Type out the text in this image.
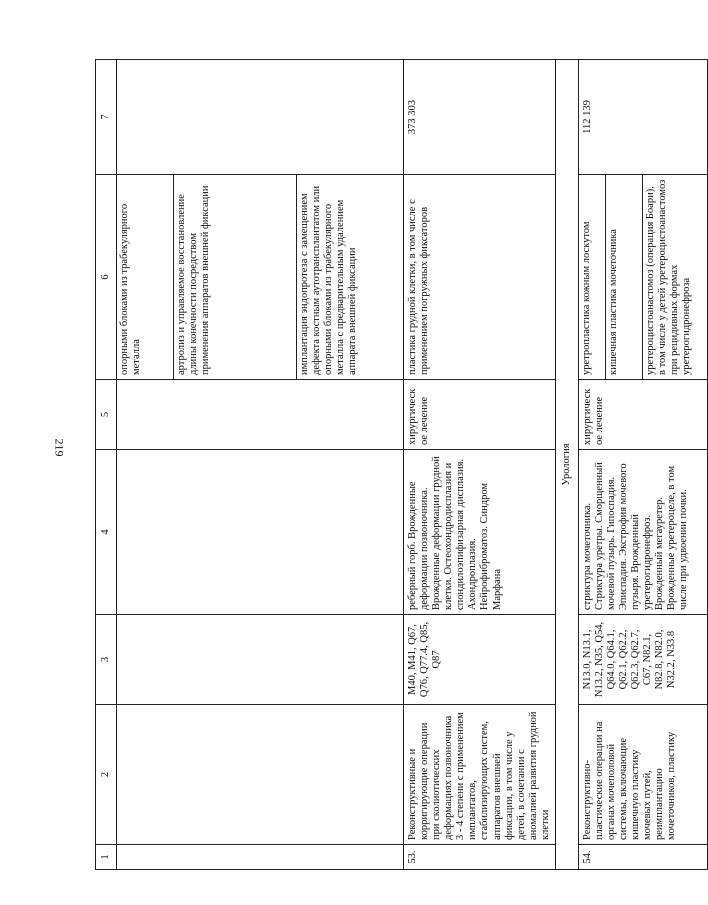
219
1	2	3	4	5	6	7
					опорными блоками из трабекулярного металла	
					артролиз и управляемое восстановление длины конечности посредством применения аппаратов внешней фиксации	
					имплантация эндопротеза с замещением дефекта костным аутотрансплантатом или опорными блоками из трабекулярного металла с предварительным удалением аппарата внешней фиксации	
53.	Реконструктивные и корригирующие операции при сколиотических деформациях позвоночника 3 - 4 степени с применением имплантатов, стабилизирующих систем, аппаратов внешней фиксации, в том числе у детей, в сочетании с аномалией развития грудной клетки	M40, M41, Q67, Q76, Q77.4, Q85, Q87	реберный горб. Врожденные деформации позвоночника. Врожденные деформации грудной клетки. Остеохондродисплазия и спондилоэпифизарная дисплазия. Ахондроплазия. Нейрофиброматоз. Синдром Марфана	хирургическое лечение	пластика грудной клетки, в том числе с применением погружных фиксаторов	373 303
Урология						
54.	Реконструктивно-пластические операции на органах мочеполовой системы, включающие кишечную пластику мочевых путей, реимплантацию мочеточников, пластику	N13.0, N13.1, N13.2, N35, Q54, Q64.0, Q64.1, Q62.1, Q62.2, Q62.3, Q62.7, C67, N82.1, N82.8, N82.0, N32.2, N33.8	стриктура мочеточника. Стриктура уретры. Сморщенный мочевой пузырь. Гипоспадия. Эписпадия. Экстрофия мочевого пузыря. Врожденный уретерогидронефроз. Врожденный мегауретер. Врожденные уретероцеле, в том числе при удвоении почки.	хирургическое лечение	уретропластика кожным лоскутом	112 139
					кишечная пластика мочеточника	
					уретероцистоанастомоз (операция Боари), в том числе у детей уретероцистоанастомоз при рецидивных формах уретерогидронефроза	
